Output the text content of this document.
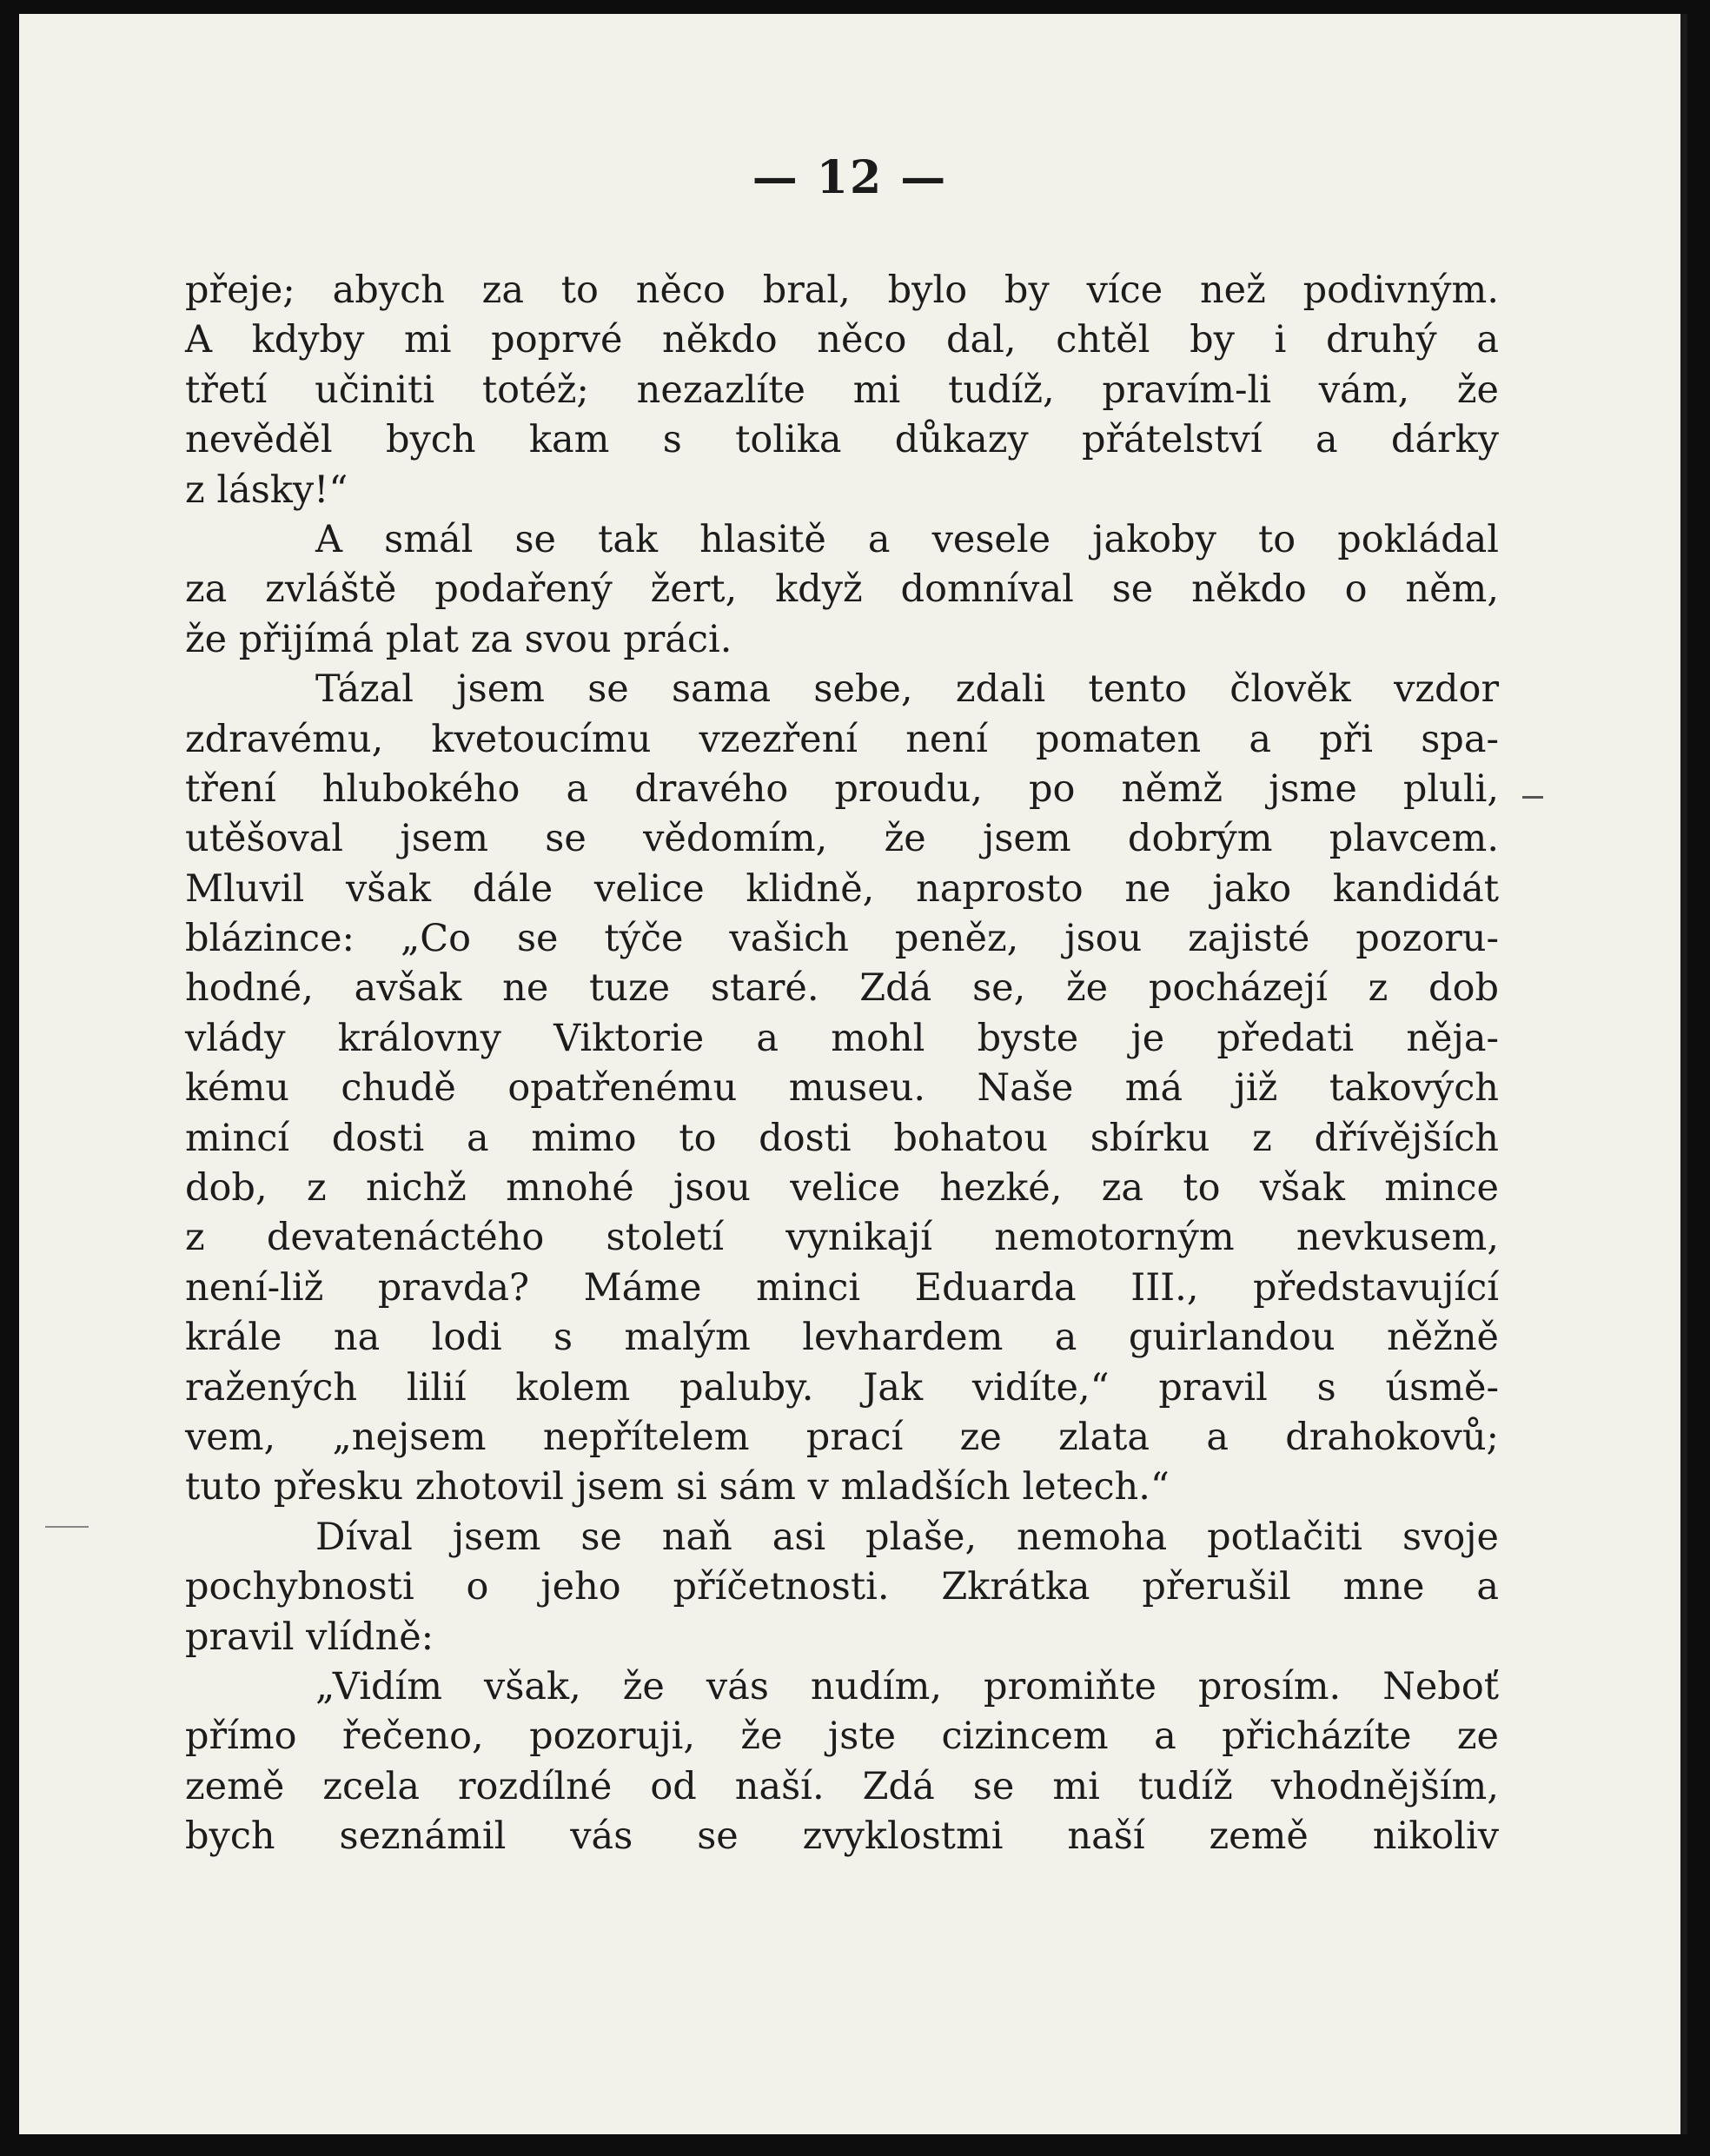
— 12 —
přeje; abych za to něco bral, bylo by více než podivným.
A kdyby mi poprvé někdo něco dal, chtěl by i druhý a
třetí učiniti totéž; nezazlíte mi tudíž, pravím-li vám, že
nevěděl bych kam s tolika důkazy přátelství a dárky
z lásky!“
A smál se tak hlasitě a vesele jakoby to pokládal
za zvláště podařený žert, když domníval se někdo o něm,
že přijímá plat za svou práci.
Tázal jsem se sama sebe, zdali tento člověk vzdor
zdravému, kvetoucímu vzezření není pomaten a při spa-
tření hlubokého a dravého proudu, po němž jsme pluli,
utěšoval jsem se vědomím, že jsem dobrým plavcem.
Mluvil však dále velice klidně, naprosto ne jako kandidát
blázince: „Co se týče vašich peněz, jsou zajisté pozoru-
hodné, avšak ne tuze staré. Zdá se, že pocházejí z dob
vlády královny Viktorie a mohl byste je předati něja-
kému chudě opatřenému museu. Naše má již takových
mincí dosti a mimo to dosti bohatou sbírku z dřívějších
dob, z nichž mnohé jsou velice hezké, za to však mince
z devatenáctého století vynikají nemotorným nevkusem,
není-liž pravda? Máme minci Eduarda III., představující
krále na lodi s malým levhardem a guirlandou něžně
ražených lilií kolem paluby. Jak vidíte,“ pravil s úsmě-
vem, „nejsem nepřítelem prací ze zlata a drahokovů;
tuto přesku zhotovil jsem si sám v mladších letech.“
Díval jsem se naň asi plaše, nemoha potlačiti svoje
pochybnosti o jeho příčetnosti. Zkrátka přerušil mne a
pravil vlídně:
„Vidím však, že vás nudím, promiňte prosím. Neboť
přímo řečeno, pozoruji, že jste cizincem a přicházíte ze
země zcela rozdílné od naší. Zdá se mi tudíž vhodnějším,
bych seznámil vás se zvyklostmi naší země nikoliv
